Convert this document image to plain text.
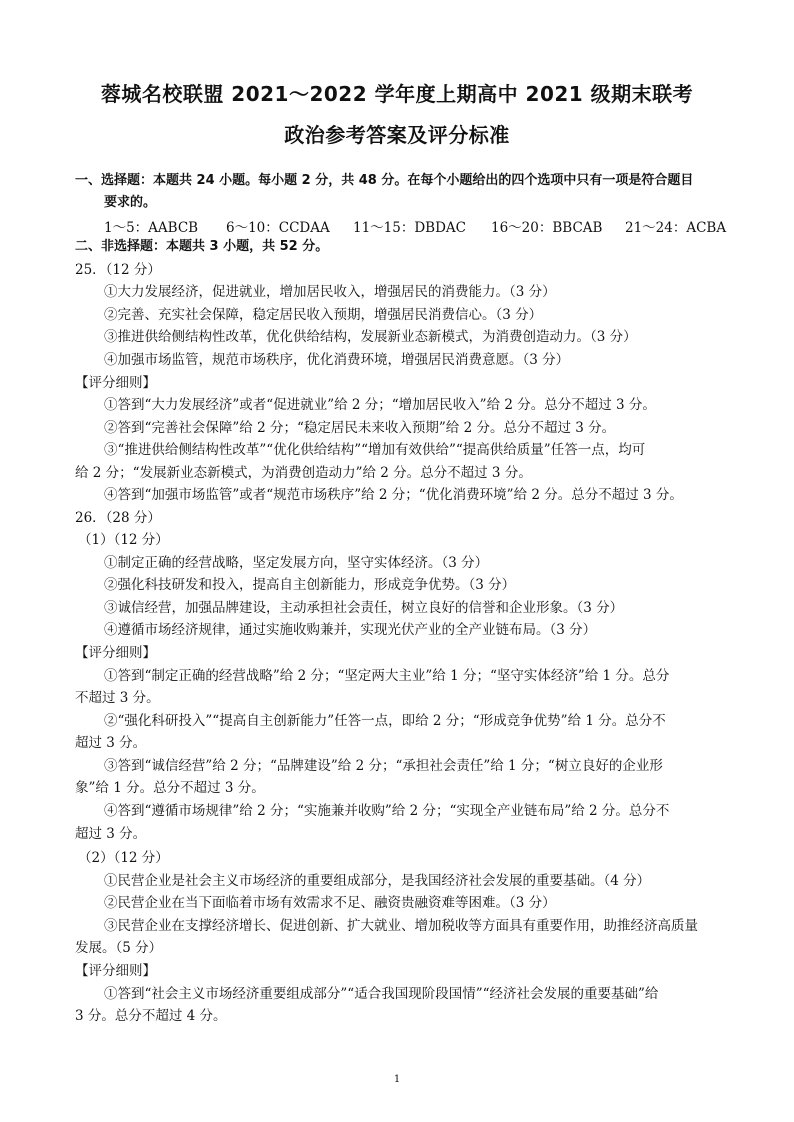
蓉城名校联盟 2021～2022 学年度上期高中 2021 级期末联考
政治参考答案及评分标准
一、选择题：本题共 24 小题。每小题 2 分，共 48 分。在每个小题给出的四个选项中只有一项是符合题目
要求的。
1～5：AABCB 6～10：CCDAA 11～15：DBDAC 16～20：BBCAB 21～24：ACBA
二、非选择题：本题共 3 小题，共 52 分。
25．（12 分）
①大力发展经济，促进就业，增加居民收入，增强居民的消费能力。（3 分）
②完善、充实社会保障，稳定居民收入预期，增强居民消费信心。（3 分）
③推进供给侧结构性改革，优化供给结构，发展新业态新模式，为消费创造动力。（3 分）
④加强市场监管，规范市场秩序，优化消费环境，增强居民消费意愿。（3 分）
【评分细则】
①答到“大力发展经济”或者“促进就业”给 2 分；“增加居民收入”给 2 分。总分不超过 3 分。
②答到“完善社会保障”给 2 分；“稳定居民未来收入预期”给 2 分。总分不超过 3 分。
③“推进供给侧结构性改革”“优化供给结构”“增加有效供给”“提高供给质量”任答一点，均可
给 2 分；“发展新业态新模式，为消费创造动力”给 2 分。总分不超过 3 分。
④答到“加强市场监管”或者“规范市场秩序”给 2 分；“优化消费环境”给 2 分。总分不超过 3 分。
26．（28 分）
（1）（12 分）
①制定正确的经营战略，坚定发展方向，坚守实体经济。（3 分）
②强化科技研发和投入，提高自主创新能力，形成竞争优势。（3 分）
③诚信经营，加强品牌建设，主动承担社会责任，树立良好的信誉和企业形象。（3 分）
④遵循市场经济规律，通过实施收购兼并，实现光伏产业的全产业链布局。（3 分）
【评分细则】
①答到“制定正确的经营战略”给 2 分；“坚定两大主业”给 1 分；“坚守实体经济”给 1 分。总分
不超过 3 分。
②“强化科研投入”“提高自主创新能力”任答一点，即给 2 分；“形成竞争优势”给 1 分。总分不
超过 3 分。
③答到“诚信经营”给 2 分；“品牌建设”给 2 分；“承担社会责任”给 1 分；“树立良好的企业形
象”给 1 分。总分不超过 3 分。
④答到“遵循市场规律”给 2 分；“实施兼并收购”给 2 分；“实现全产业链布局”给 2 分。总分不
超过 3 分。
（2）（12 分）
①民营企业是社会主义市场经济的重要组成部分，是我国经济社会发展的重要基础。（4 分）
②民营企业在当下面临着市场有效需求不足、融资贵融资难等困难。（3 分）
③民营企业在支撑经济增长、促进创新、扩大就业、增加税收等方面具有重要作用，助推经济高质量
发展。（5 分）
【评分细则】
①答到“社会主义市场经济重要组成部分”“适合我国现阶段国情”“经济社会发展的重要基础”给
3 分。总分不超过 4 分。
1
